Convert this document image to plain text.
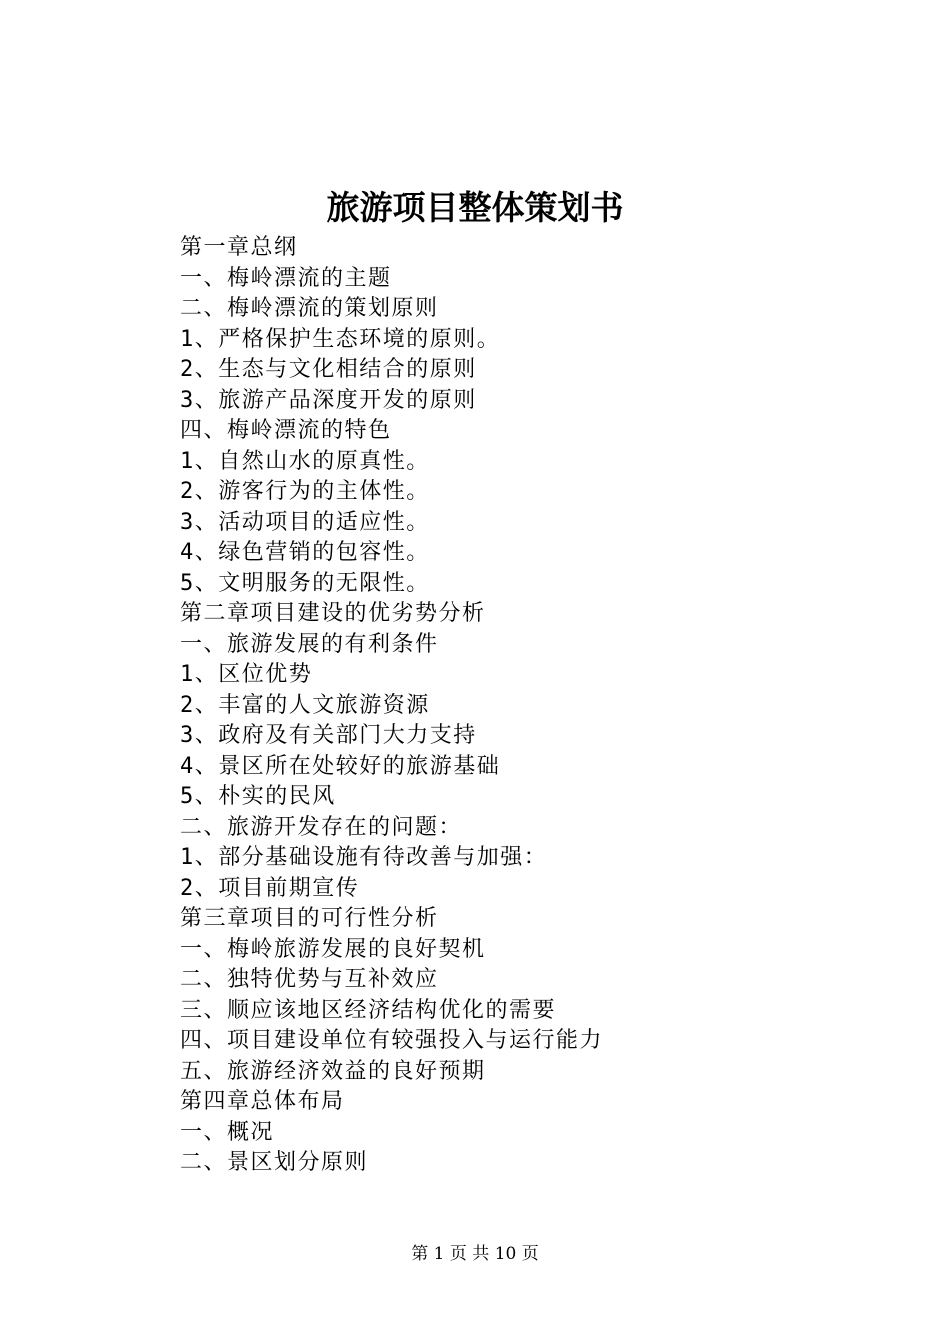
旅游项目整体策划书
第一章总纲
一、梅岭漂流的主题
二、梅岭漂流的策划原则
1、严格保护生态环境的原则。
2、生态与文化相结合的原则
3、旅游产品深度开发的原则
四、梅岭漂流的特色
1、自然山水的原真性。
2、游客行为的主体性。
3、活动项目的适应性。
4、绿色营销的包容性。
5、文明服务的无限性。
第二章项目建设的优劣势分析
一、旅游发展的有利条件
1、区位优势
2、丰富的人文旅游资源
3、政府及有关部门大力支持
4、景区所在处较好的旅游基础
5、朴实的民风
二、旅游开发存在的问题：
1、部分基础设施有待改善与加强：
2、项目前期宣传
第三章项目的可行性分析
一、梅岭旅游发展的良好契机
二、独特优势与互补效应
三、顺应该地区经济结构优化的需要
四、项目建设单位有较强投入与运行能力
五、旅游经济效益的良好预期
第四章总体布局
一、概况
二、景区划分原则
第 1 页 共 10 页
